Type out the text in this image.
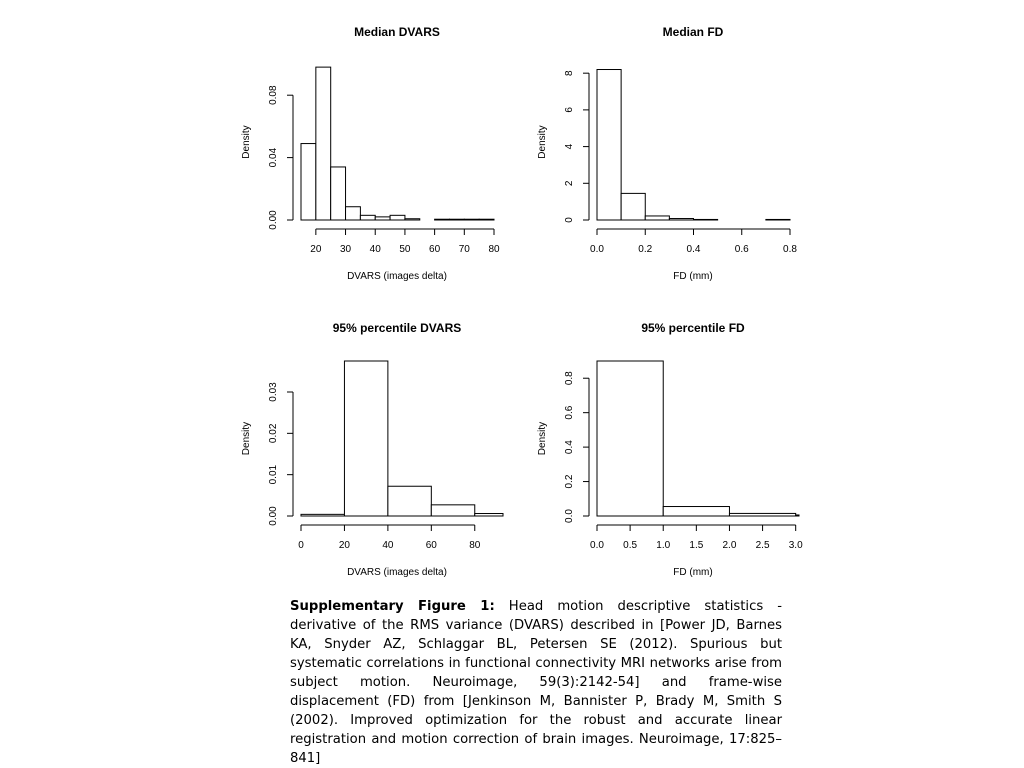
Median DVARS
0.00
0.04
0.08
20 30 40 50 60 70 80
DVARS (images delta)
Density
Median FD
0
2
4
6
8
0.0	0.2	0.4	0.6	0.8
FD (mm)
Density
95% percentile DVARS
0.00
0.01
0.02
0.03
0	20	40	60	80
DVARS (images delta)
Density
95% percentile FD
0.0
0.2
0.4
0.6
0.8
0.0 0.5 1.0 1.5 2.0 2.5 3.0
FD (mm)
Density
Supplementary Figure 1: Head motion descriptive statistics - derivative of the RMS variance (DVARS) described in [Power JD, Barnes KA, Snyder AZ, Schlaggar BL, Petersen SE (2012). Spurious but systematic correlations in functional connectivity MRI networks arise from subject motion. Neuroimage, 59(3):2142-54] and frame-wise displacement (FD) from [Jenkinson M, Bannister P, Brady M, Smith S (2002). Improved optimization for the robust and accurate linear registration and motion correction of brain images. Neuroimage, 17:825–841]
